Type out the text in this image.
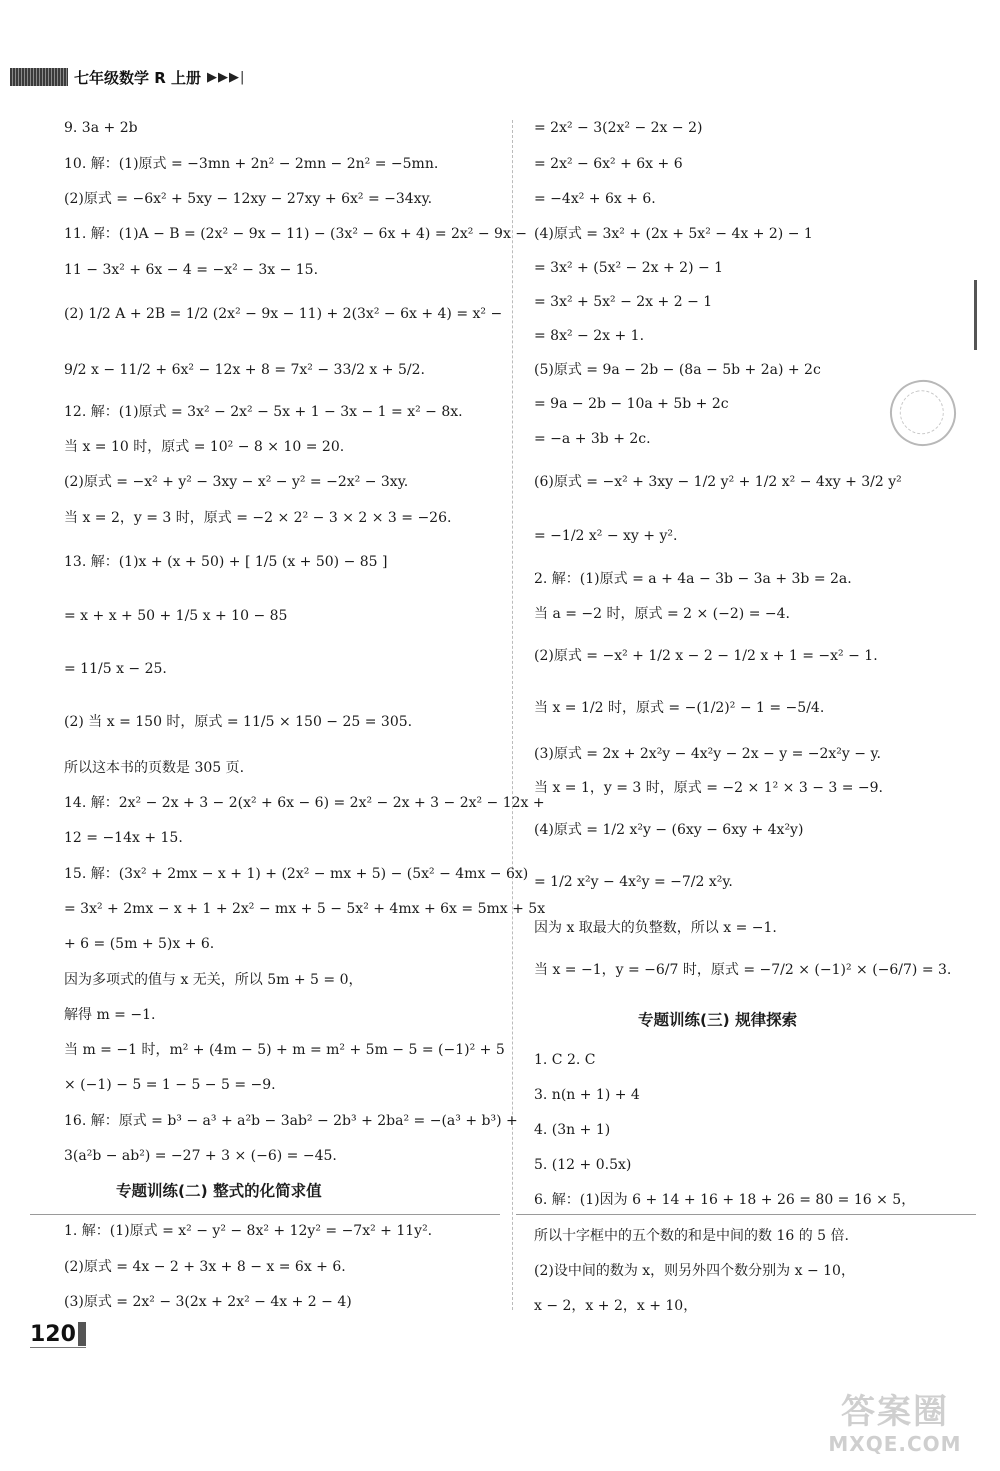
七年级数学 R 上册 ▶▶▶|
9. 3a + 2b
10. 解：(1)原式 = −3mn + 2n² − 2mn − 2n² = −5mn.
(2)原式 = −6x² + 5xy − 12xy − 27xy + 6x² = −34xy.
11. 解：(1)A − B = (2x² − 9x − 11) − (3x² − 6x + 4) = 2x² − 9x −
11 − 3x² + 6x − 4 = −x² − 3x − 15.
(2) 1/2 A + 2B = 1/2 (2x² − 9x − 11) + 2(3x² − 6x + 4) = x² −
9/2 x − 11/2 + 6x² − 12x + 8 = 7x² − 33/2 x + 5/2.
12. 解：(1)原式 = 3x² − 2x² − 5x + 1 − 3x − 1 = x² − 8x.
当 x = 10 时，原式 = 10² − 8 × 10 = 20.
(2)原式 = −x² + y² − 3xy − x² − y² = −2x² − 3xy.
当 x = 2，y = 3 时，原式 = −2 × 2² − 3 × 2 × 3 = −26.
13. 解：(1)x + (x + 50) + [ 1/5 (x + 50) − 85 ]
= x + x + 50 + 1/5 x + 10 − 85
= 11/5 x − 25.
(2) 当 x = 150 时，原式 = 11/5 × 150 − 25 = 305.
所以这本书的页数是 305 页.
14. 解：2x² − 2x + 3 − 2(x² + 6x − 6) = 2x² − 2x + 3 − 2x² − 12x +
12 = −14x + 15.
15. 解：(3x² + 2mx − x + 1) + (2x² − mx + 5) − (5x² − 4mx − 6x)
= 3x² + 2mx − x + 1 + 2x² − mx + 5 − 5x² + 4mx + 6x = 5mx + 5x
+ 6 = (5m + 5)x + 6.
因为多项式的值与 x 无关，所以 5m + 5 = 0，
解得 m = −1.
当 m = −1 时，m² + (4m − 5) + m = m² + 5m − 5 = (−1)² + 5
× (−1) − 5 = 1 − 5 − 5 = −9.
16. 解：原式 = b³ − a³ + a²b − 3ab² − 2b³ + 2ba² = −(a³ + b³) +
3(a²b − ab²) = −27 + 3 × (−6) = −45.
专题训练(二) 整式的化简求值
1. 解：(1)原式 = x² − y² − 8x² + 12y² = −7x² + 11y².
(2)原式 = 4x − 2 + 3x + 8 − x = 6x + 6.
(3)原式 = 2x² − 3(2x + 2x² − 4x + 2 − 4)
= 2x² − 3(2x² − 2x − 2)
= 2x² − 6x² + 6x + 6
= −4x² + 6x + 6.
(4)原式 = 3x² + (2x + 5x² − 4x + 2) − 1
= 3x² + (5x² − 2x + 2) − 1
= 3x² + 5x² − 2x + 2 − 1
= 8x² − 2x + 1.
(5)原式 = 9a − 2b − (8a − 5b + 2a) + 2c
= 9a − 2b − 10a + 5b + 2c
= −a + 3b + 2c.
(6)原式 = −x² + 3xy − 1/2 y² + 1/2 x² − 4xy + 3/2 y²
= −1/2 x² − xy + y².
2. 解：(1)原式 = a + 4a − 3b − 3a + 3b = 2a.
当 a = −2 时，原式 = 2 × (−2) = −4.
(2)原式 = −x² + 1/2 x − 2 − 1/2 x + 1 = −x² − 1.
当 x = 1/2 时，原式 = −(1/2)² − 1 = −5/4.
(3)原式 = 2x + 2x²y − 4x²y − 2x − y = −2x²y − y.
当 x = 1，y = 3 时，原式 = −2 × 1² × 3 − 3 = −9.
(4)原式 = 1/2 x²y − (6xy − 6xy + 4x²y)
= 1/2 x²y − 4x²y = −7/2 x²y.
因为 x 取最大的负整数，所以 x = −1.
当 x = −1，y = −6/7 时，原式 = −7/2 × (−1)² × (−6/7) = 3.
专题训练(三) 规律探索
1. C 2. C
3. n(n + 1) + 4
4. (3n + 1)
5. (12 + 0.5x)
6. 解：(1)因为 6 + 14 + 16 + 18 + 26 = 80 = 16 × 5，
所以十字框中的五个数的和是中间的数 16 的 5 倍.
(2)设中间的数为 x，则另外四个数分别为 x − 10，
x − 2，x + 2，x + 10，
120
答案圈
MXQE.COM
